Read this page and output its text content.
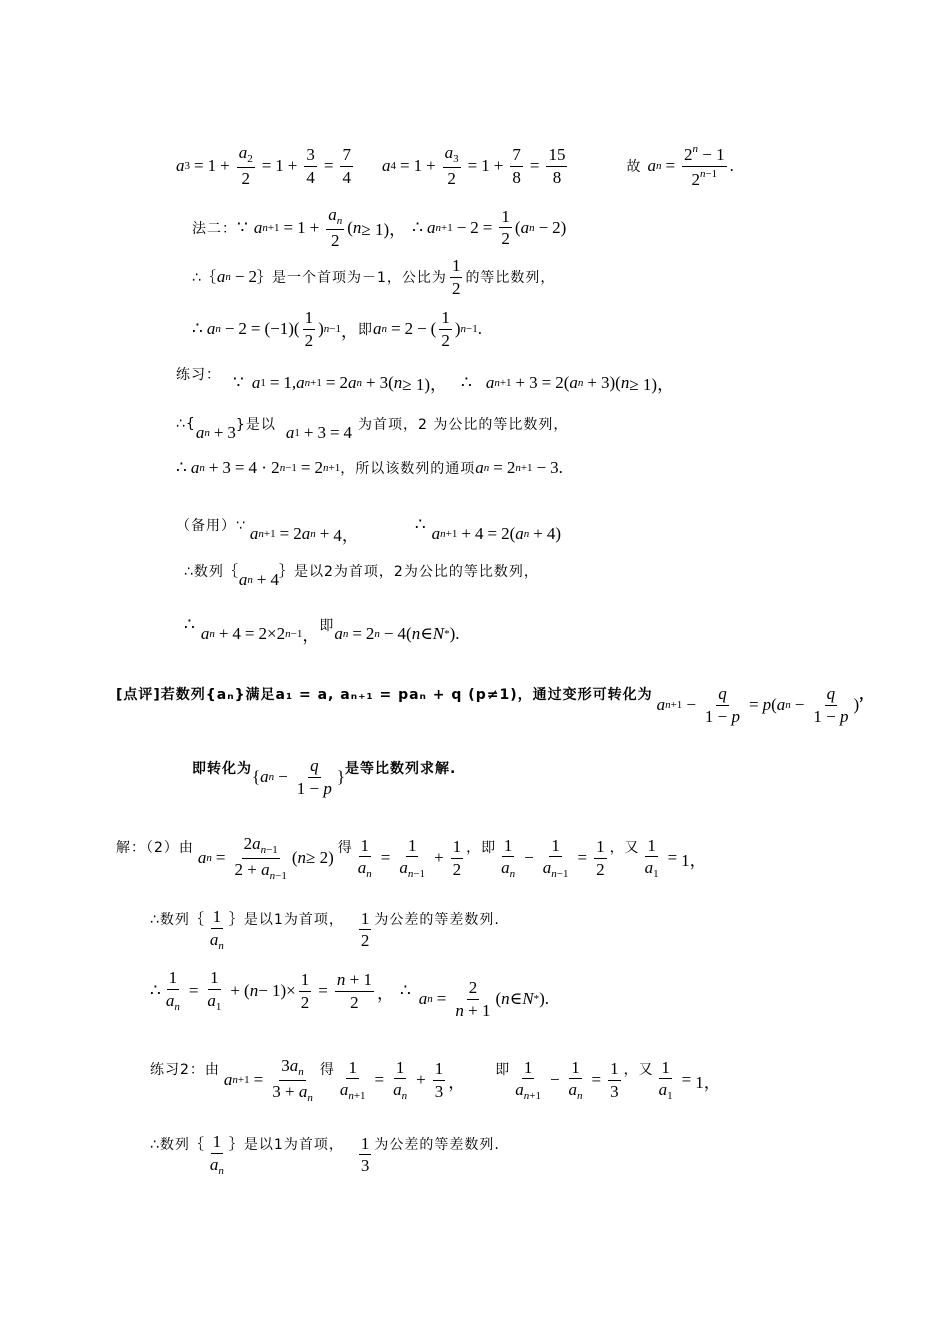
a $3 = 1 + \frac{a_2}{2} = 1 + \frac{3}{4} = \frac{7}{4}$ a $4 = 1 + \frac{a_3}{2} = 1 + \frac{7}{8} = \frac{15}{8}$	故 a $n = \frac{2^n - 1}{2^{n-1}}$ .
法二： ∵ a $n+1 = 1 + \frac{a_n}{2}$ ( n ≥ 1)， ∴ a $n+1 - 2 = \frac{1}{2}$ ( a n − 2)
∴｛ a n − 2 ｝是一个首项为－1，公比为 $\frac{1}{2}$ 的等比数列，
∴ a $n - 2 = (-1)( \frac{1}{2}$ ) n−1 ， 即 a n = 2 − ( $\frac{1}{2}$ ) n−1 .
练习： ∵ a 1 = 1, a n+1 = 2 a n + 3( n ≥ 1)， ∴ a n+1 + 3 = 2( a n + 3)( n ≥ 1)，
∴{ a n + 3 }是以 a 1 + 3 = 4 为首项，2 为公比的等比数列，
∴ a n + 3 = 4 · 2 n−1 = 2 n+1 ，所以该数列的通项 a n = 2 n+1 − 3.
（备用）∵ a n+1 = 2 a n + 4，
∴ a n+1 + 4 = 2( a n + 4)
∴数列｛ a n + 4 ｝是以2为首项，2为公比的等比数列，
∴ a n + 4 = 2×2 n−1 ，
即 a n = 2 n − 4( n ∈ N * ).
[点评]若数列{aₙ}满足a₁ = a, aₙ₊₁ = paₙ + q (p≠1)，通过变形可转化为 a $n+1 - \frac{q}{1 - p} = p$ ( a $n - \frac{q}{1 - p}$ ) ，
即转化为 { a $n - \frac{q}{1 - p}$ } 是等比数列求解.
解：（2）由 a $n = \frac{2a_{n-1}}{2 + a_{n-1}}$ ( n ≥ 2) 得 $\frac{1}{a_n} = \frac{1}{a_{n-1}} + \frac{1}{2}$ ，即 $\frac{1}{a_n} - \frac{1}{a_{n-1}} = \frac{1}{2}$ ，又 $\frac{1}{a_1} = 1$，
∴数列｛ $\frac{1}{a_n}$ ｝是以1为首项， $\frac{1}{2}$ 为公差的等差数列.
∴ $\frac{1}{a_n} = \frac{1}{a_1}$ + ( $n - 1)\times \frac{1}{2} = \frac{n + 1}{2}$ ， ∴ a $n = \frac{2}{n + 1}$ ( n ∈ N * ).
练习2：由 a $n+1 = \frac{3a_n}{3 + a_n}$ 得 $\frac{1}{a_{n+1}} = \frac{1}{a_n} + \frac{1}{3}$ ，
即 $\frac{1}{a_{n+1}} - \frac{1}{a_n} = \frac{1}{3}$ ，又 $\frac{1}{a_1} = 1$，
∴数列｛ $\frac{1}{a_n}$ ｝是以1为首项， $\frac{1}{3}$ 为公差的等差数列.
